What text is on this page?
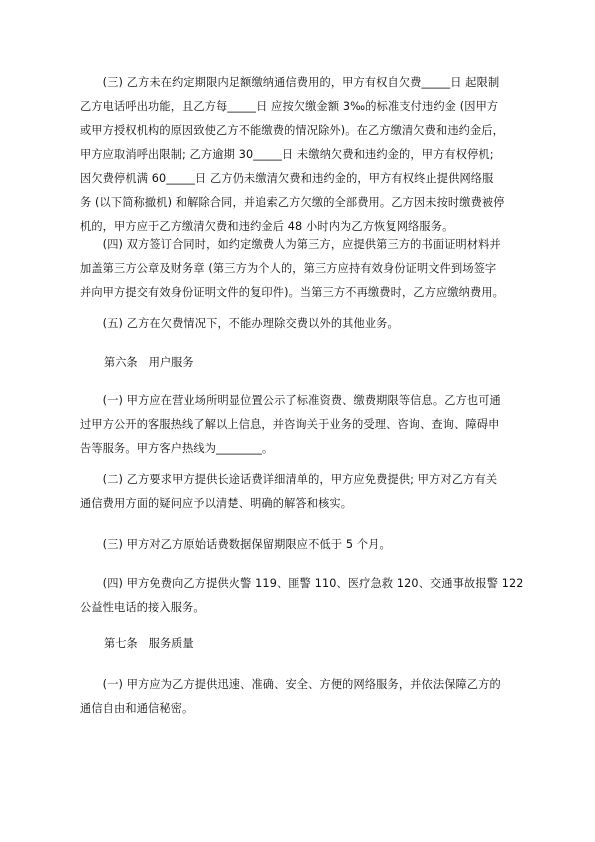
　　(三) 乙方未在约定期限内足额缴纳通信费用的，甲方有权自欠费_____日 起限制
乙方电话呼出功能，且乙方每_____日 应按欠缴金额 3‰的标准支付违约金 (因甲方
或甲方授权机构的原因致使乙方不能缴费的情况除外)。在乙方缴清欠费和违约金后，
甲方应取消呼出限制; 乙方逾期 30_____日 未缴纳欠费和违约金的，甲方有权停机;
因欠费停机满 60_____日 乙方仍未缴清欠费和违约金的，甲方有权终止提供网络服
务 (以下简称撤机) 和解除合同，并追索乙方欠缴的全部费用。乙方因未按时缴费被停
机的，甲方应于乙方缴清欠费和违约金后 48 小时内为乙方恢复网络服务。
　　(四) 双方签订合同时，如约定缴费人为第三方，应提供第三方的书面证明材料并
加盖第三方公章及财务章 (第三方为个人的，第三方应持有效身份证明文件到场签字
并向甲方提交有效身份证明文件的复印件)。当第三方不再缴费时，乙方应缴纳费用。
　　(五) 乙方在欠费情况下，不能办理除交费以外的其他业务。
第六条　用户服务
　　(一) 甲方应在营业场所明显位置公示了标准资费、缴费期限等信息。乙方也可通
过甲方公开的客服热线了解以上信息，并咨询关于业务的受理、咨询、查询、障碍申
告等服务。甲方客户热线为________。
　　(二) 乙方要求甲方提供长途话费详细清单的，甲方应免费提供; 甲方对乙方有关
通信费用方面的疑问应予以清楚、明确的解答和核实。
　　(三) 甲方对乙方原始话费数据保留期限应不低于 5 个月。
　　(四) 甲方免费向乙方提供火警 119、匪警 110、医疗急救 120、交通事故报警 122
公益性电话的接入服务。
第七条　服务质量
　　(一) 甲方应为乙方提供迅速、准确、安全、方便的网络服务，并依法保障乙方的
通信自由和通信秘密。
